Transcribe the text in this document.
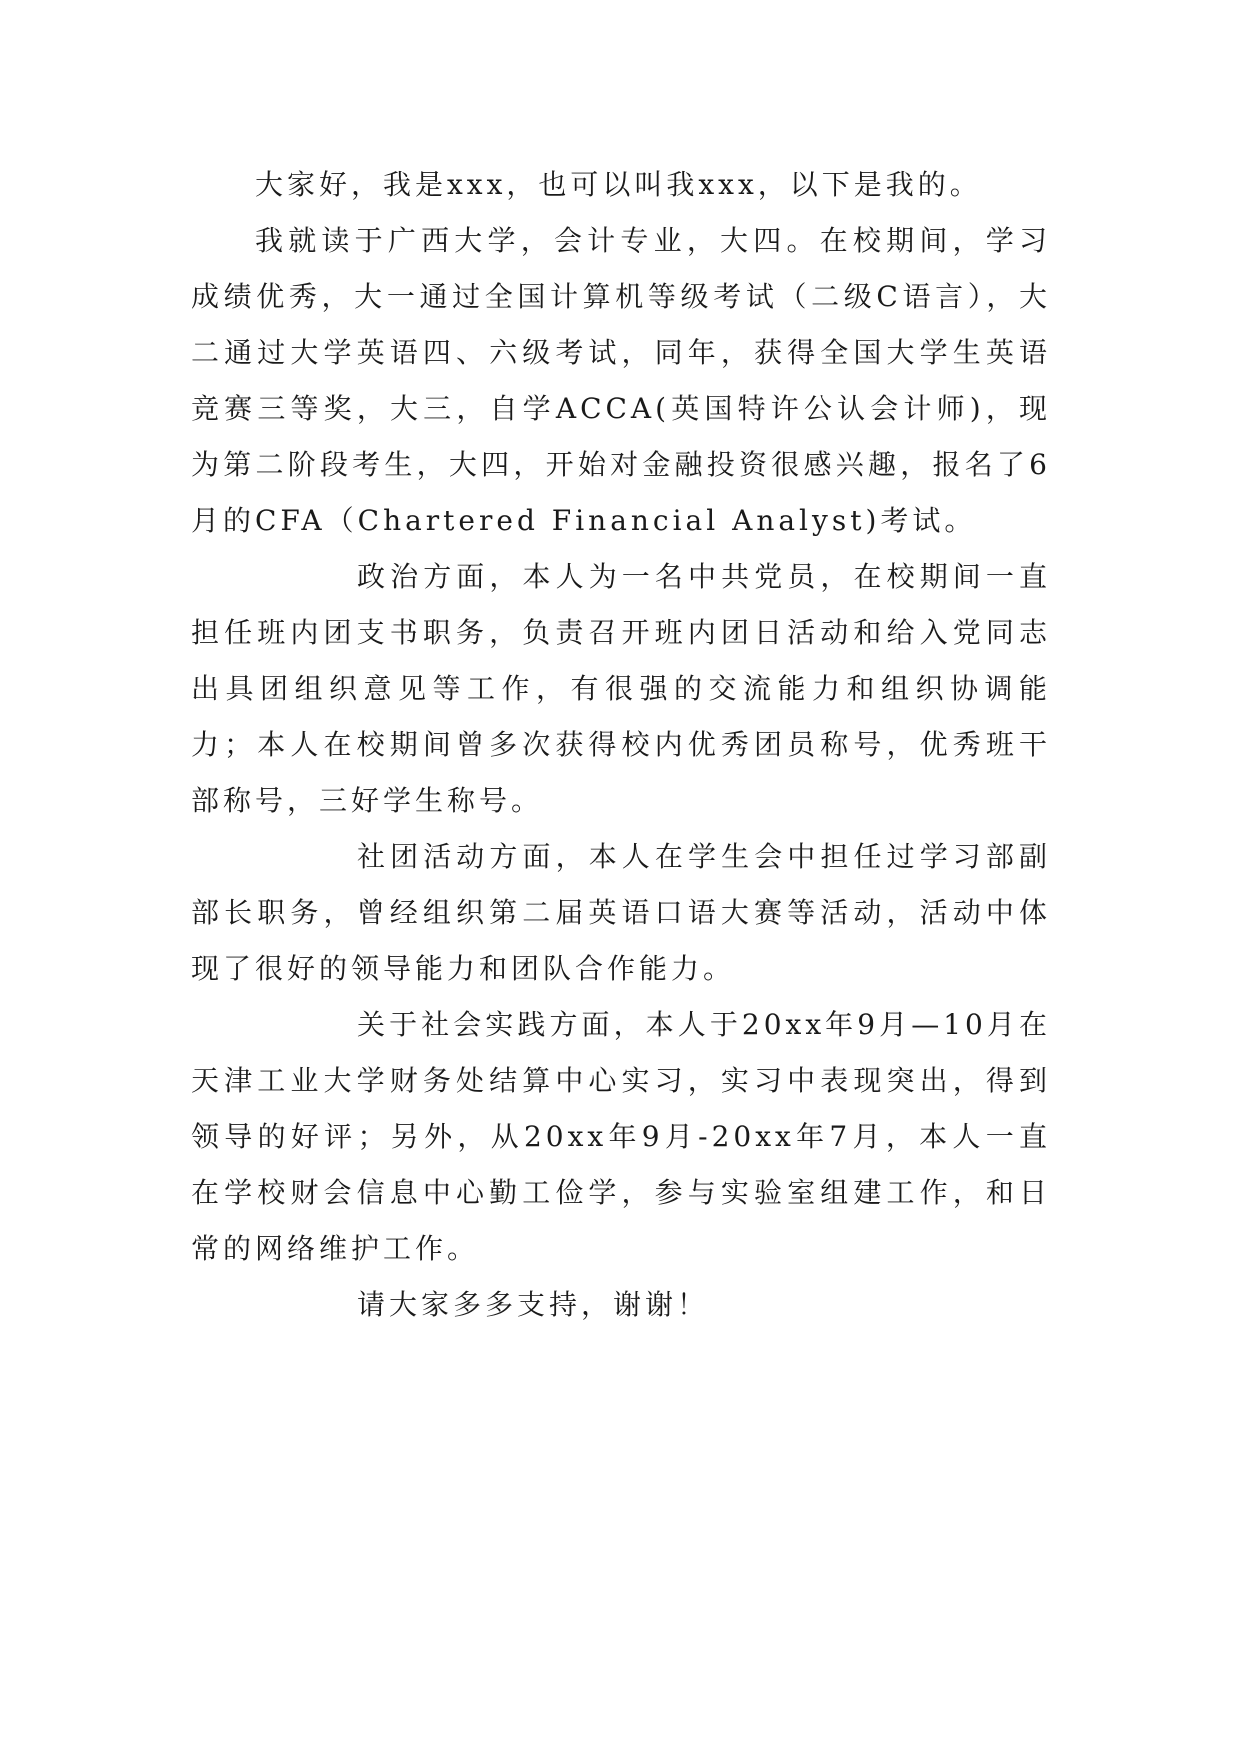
大家好，我是xxx，也可以叫我xxx，以下是我的。

我就读于广西大学，会计专业，大四。在校期间，学习成绩优秀，大一通过全国计算机等级考试（二级C语言），大二通过大学英语四、六级考试，同年，获得全国大学生英语竞赛三等奖，大三，自学ACCA(英国特许公认会计师)，现为第二阶段考生，大四，开始对金融投资很感兴趣，报名了6月的CFA（Chartered Financial Analyst)考试。

政治方面，本人为一名中共党员，在校期间一直担任班内团支书职务，负责召开班内团日活动和给入党同志出具团组织意见等工作，有很强的交流能力和组织协调能力；本人在校期间曾多次获得校内优秀团员称号，优秀班干部称号，三好学生称号。

社团活动方面，本人在学生会中担任过学习部副部长职务，曾经组织第二届英语口语大赛等活动，活动中体现了很好的领导能力和团队合作能力。

关于社会实践方面，本人于20xx年9月—10月在天津工业大学财务处结算中心实习，实习中表现突出，得到领导的好评；另外，从20xx年9月-20xx年7月，本人一直在学校财会信息中心勤工俭学，参与实验室组建工作，和日常的网络维护工作。

请大家多多支持，谢谢！
